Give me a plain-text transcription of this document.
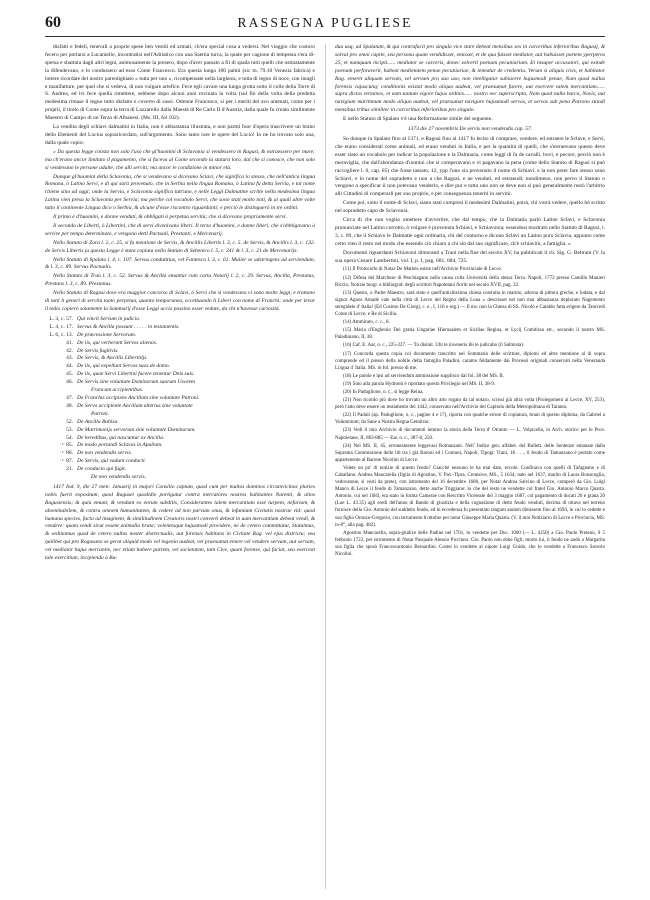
60	RASSEGNA PUGLIESE

disfatti e fedeli, tenevali a proprie spese ben vestiti ed armati, ch'era special cosa a vedersi. Nel viaggio che costoro fecero per portarsi a Lucaniello, incontratisi nell'Adriatico con una Saettia turca, la quale per cagione di tempesta s'era di-spersa e sbattuta dagli altri legni, animosamente la presero, dopo d'aver passato a fil di spada tutti quelli che ostinatamente la difendevano, e lo condussero ad esso Conte Francesco. Era questa lunga 100 palmi (sic m. 79.10 Venezia fabrica) e lottere ricordate del nostro parentighiato « tutta per uno », ricompensate nella largheza, e tutta di legno di noce, con intagli e manifatture, per quel che si vedeva, di non vulgare artefice. Fece egli cavare una lunga grotta sotto il colle della Torre di S. Andrea, ed ivi fece quella rimettere, sebbene dopo alcuni anni rovinata la volta (sul fin della volta della predetta medesima rimase il legno tutto disfatto e coverto di sassi. Ottenne Francesco, si per i meriti del avo antenati, come per i proprii, il titolo di Conte sopra la terra di Lazzarello dalla Maestà di Re Carlo II d'Austria, dalla quale fu creato similmente Maestro di Campo di un Terzo di Albanesi. (Ms. III, fol 102).

La vendita degli schiavi dalmatini in Italia, non è abbastanza illustrata, e non parmi fuor d'opera trascrivere un brano dello Elementi del Lucius sopraricordato, sull'argomento. Sono tanto rare le opere del Lucio! Io ne ho trovato solo una, dalla quale copio:

« Da questa legge consta non solo l'uso che gl'huomini di Sclavonia si vendessero in Ragusi, & estraessero per mare; ma ch'erano ancor limitato il pagamento, che si faceva al Conte secondo la statura loro, dal che si conosce, che non solo si vendevano le persone adulte, che alli serviti; ma ancor le condizione in minor età.

Dunque gl'huomini della Sclavonia, che si vendevano si dicevano Sclavi, che significa lo stesso, che nell'antica lingua Romana, ò Latino Servi, e di qui sarà provenuto, che in Serbia nella lingua Romana, ò Latina fu detta Servia, e tal nome ritiene sino ad oggi; onde la Servia, e Sclavonia significa tutt'uno, e nelle Leggi Dalmatine scritte nella medesima lingua Latina vien presa la Sclavonia per Servia; ma perche col vocabolo Servi, che sono stati molto noti, & ai quali altre volte tutto il continente Lingua dico o Serbia, & alcune d'esse riscontro riguardanti; e perciò le distinguerò in tre ordini.

Il primo è d'huomini, e donne venduti, & obbligati à perpetua servitù; che si dicevano propriamente servi.

Il secondo de Liberti, ò Libertini, che di servi divenivano liberi. Il terzo d'huomini, e donne liberi, che s'obbligavano à servire per tempo determinato, e vengono detti Pactuali, Prestanti, e Mercenarij.

Nello Statuto di Zara l. 2, c. 25, si fa mentione de Servis, & Ancillis Libertis l. 3, c. 5. de Servis, & Ancillis l. 3, c. 132. de Servis Libertis ja questa Legge è stata copiata nello Statuto di Sebenico l. 5, c. 341 & l. 3, c. 21 de Mercenarijs.

Nello Statuto di Spalato l. 4, c. 107. Servus condutitius, vel Fantesca l. 3, c. 61. Mulier se adstringens ad serviendum, & l. 3, c. 89. Servus Pactualis.

Nello Statuto di Traù l. 3, c. 52. Servus & Ancilla emantur cum carta Notarij l. 2, c. 29. Servus, Ancilla, Prestatus, Prestans l. 3, c. 89. Prestanus.

Nello Statuto di Ragusi dove era maggior concorso di Sclavi, ò Servi che si vendevano vi sono molte leggi, e trattano di tutti li generi di servitù tanto perpetua, quanto temporanea, eccettuando li Liberi con nome di Franchi; onde per levar il tedio copierò solamente la Sommarij d'esse Leggi accio possino esser vedute, da chi n'havesse curiosità.

L. 3, c. 57. Qui vincit Servum in judicio.
L. 4, c. 17. Servus & Ancilla possunt . . . . . in testamentis.
L. 6, c. 13. De præcessione Servorum.
41. De iis, qui verberant Servos alienos.
42. De Servis fugitivis.
43. De Servis, & Ancillis Libertitijs.
44. De iis, qui expellunt Servos suos de domo.
45. De iis, quae Servi Libertini facere tenentur Dnis suis.
46. De Servis sine voluntate Dominorum suorum Uxorem
Francam accipientibus.
47. De Franchis accipiens Ancillam sine voluntate Patroni.
48. De Servo accipiente Ancillam alterius sine voluntate
Patroni.
52. De Ancilla Babiza.
53. De Matrimonijs servorum sine voluntate Dominorum.
54. De heredibus, qui nascuntur ex Ancilla.
☞ 85. De modo portandi Sclavos in Apuliam.
☞ 86. De non vendendis servis.
☞ 87. De Servis, qui vadunt conducti.
21. De conducto qui fugit.
De non vendendis servis.

1417 Ind. 9, die 27 men: Januarij in majori Consilio captum, quod cum per multos dominos circumvicinos pluries nobis fuerit expositum, quod Ragusei quodidie portigatur contra mercatores nostros habitantes Narenti, & altos Ragusiensis; & quia emunt, & vendunt ex eorum subditis, Considerantes talem mercantiam esse turpem, nefariam, & abominabilem, & contra omnem humanitatem, & cedere ad non parvum onus, & infamiam Civitatis nostrae vid: quod humana species, facta ad imaginem, & similitudinem Creatoris nostri converti debeat in uam mercantiam debeat vendi, & vendere: quam vendi sicut essent animalia bruta; volentesque hujusmodi providere, ne de cetero committatur, Statuimus, & ordinamus quod de cetero nullus noster distrectualis, aut forensis habitans in Civitate Rag. vel ejus districtu; seu quilibet qui pro Rogusano se gerat aliquid modo vel ingenio audeat, vel praesumat emere vel vendere servum, aut servam, vel mediator hujus mercantie, nec etiam habere partem, vel societatem, tam Cive, quam forense, qui faciat, seu exerceat tale exercitium, incipiendo à Bu-

dua usq; ad Spalatum, & qui contrafacit pro singula vice stare debeat mensibus sex in carceribus inferioribus Ragusij, & solvat pro omni capite, seu persona quam vendidisset, emisset, et de qua fuisset mediator, aut habuisset partem yperperos 25, et numquam incipit...... mediator se carceris, donec solverit poenam pecuniariam. Et insuper accusatori, qui exinde poenam perforaverit, habeat medietatem penae pecuniariae, & teneatur de credentia. Verum si aliquis civis, et habitator Rag. emeret aliquam servam, vel servum pro suo uso, non intelligatur subiacere hujusmodi penae, Nam quod nullus forensis cujuscunq; conditionis existat modo aliquo audeat, vel praesumat facere, aut exercere talem mercantiam...... supra dictos terminos, et eam tantum vigore hujus ordinis...... nostro nec superscripta, Nam quod nulla barca, Navis, aut navigium maritimum modo aliquo audeat, vel praesumat navigare hujusmodi servos, et servas sub pena Patrono standi mensibus tribus similiter in carceribus inferioribus pro singulo.

E nello Statuto di Spalato v'è una Reformatione simile del seguente.

1373 die 27 novembris De servis non vendendis cap. 57.

So dunque in Spalato fino al 1371, e Ragusi fino al 1417 fu lecito di comprare, vendere, ed estraere le Sclave, e Servi, che erano considerati come animali, ed erano venduti in Italia, e per la quantità di quelli, che s'estraevano questo deve esser stato un vocabolo per indicar la popolazione e la Dalmazia, come leggi di fa de cavalli, bovi, e pecore, perciò non è meraviglia, che dall'abondanza d'uomini che si comperavano e vi pagavano la pena (come dello Statuto di Ragusi si può raccogliere l. 6, cap. 85) che fosse tassato, 12, ypp l'uno sia provenuto il nome di Schiavi, e la non poter fare stesso sono Schiavi, e lo nome del sopradetto e non a che Ragusi, e ne venduti, ed estraendi; nondimeno, non pervo il Statuto o vengono a specificar il non potevano venderlo, e dire pur e tutto uno non se deve non si può generalmente restò l'arbitrio alli Cittadini di comperarli per suo proprio, e per conseguenza teneriti in servitù.

Come poi, sotto il nome di Sclavi, siano stati compresi li medesimi Dalmatini, potrà, chi vorrà vedere, quello hò scritto nel sopradetto capo de Sclavonia.

Circa di che non voglio omettere d'avvertire, che dal tempo, che la Dalmatia parlò Latine Sclavi, e Sclavonia pronunciate nel Latino corrotto, ò volgare è provenuta Schiavi, e Schiavonia; essendosi mostrato nello Statuto di Ragusi, l. 3, c. 89, che il Schiavo le Dalmatie ogni ordinaria, chi del contorno e dicono Sclavi un Latino puro Sclavia, appunto come certo vien il resto nel modo che essendo ciò chiaro a chi sin dal suo significato, ch'è schiavitù, a famiglia. »

Documenti riguardanti Schiavoni dimoranti a Trani nella fine del secolo XV, ha pubblicati il ch. Sig. G. Beltrani (V. la sua opera Cesare Lambertini, vol. I, p. I, pag. 681, 684, 725.

(11) Il Protocollo di Notar De Matteis esiste nell'Archivio Provinciale di Lecce.

(12) Difesa del Marchese di Peschiagano nella causa colla Università della stessa Terra. Napoli, 1772 presso Camillo Manieri Riccio, Notizie biogr. e bibliograf. degli scrittori Napoletani fioriti nel secolo XVII, pag. 32.

(13) Questo, o Padre Maestro, sarà stato e quell'antichissima chiesa costruita in marmo, adorna di pittura greche, e lodata, e dal signor Agnus Amadè vale nella città di Lecce del Regno della Luna » descrisset nel non mai abbastanza deplorato Nagemento seregidele d' Italia! (Ed Cosimo De Giorgi, c. e., I, 118 e seg.) — Il ms. non la Chiesa di SS. Nicolò e Cataldo fatta erigere da Tancredi Conte di Lecce, e Re di Sicilia.

(14) Ammirato, c. c., 8.

(15) Maria d'Enghenio Dei gratia Ungariae Hierusalem et Siciliae Regina, et Lycij Comitissa etc., secondo il nostro MS. Paladiniano, II, 38.

(16) Caf. E. Aar, o. c., 225-227. — Tu disinit. Ubi te inveneris ibi te judicabo (il Salmista).

(17) Concorda questa copia col documento trascritto nel Sommario delle scritture, diplomi ed altre mentione al di sopra comprende ed il presso della nobile della famiglia Paladini, caramo feldamente dai Processi originali conservati nella Veneranda Lingua d' Italia. MS. in fol. presso di me.

(18) Le parole e ipsi ad serviendum ammissione supplisco dal fol. 38 del MS. II.

(19) Sino alla parola Hydronti è riportato questo Privilegio nel MS. II, 38-9.

(20) In Paduglione, o. c., si legge Reina.

(21) Non ricordo più dove ho trovato un altro atto rogato da tal notaro, scrissi già altra volta (Prolegomeni ai Lecce, XV, 253), però l'atto deve essere un testamento del 1442, conservato nell'Archivio del Capitolo della Metropolitana di Taranto.

(22) Il Paduli (ap. Paduglione, o. c., pagine 4 e 17), riporta con qualche errore di copiatura, brani di questo diploma, da Gabriel a Volumnium; da Sane a Nostra Regna Gemitras.

(23) Vedi il mio Archivio di documenti intorno la storia della Terra d' Otranto — L. Volpicella, in Arch. storico per le Prov. Napoletane, II, 883-885 — Ear. o. c., 387-8, 250.

(24) Nel MS. II, 45, erroneamente leggevasi Romanzani. Nell' Indice gen. alfabet. del Bullett. delle Sentenze emanate dalla Suprema Commissione delle liti tra i già Baroni ed i Comuni, Napoli, Tipogr. Trani, 18 . . ., il feudo di Tamanzano è portato come appartenente al Barone Nicolini di Lecce.

Volete un po' di notizie di questo feudo? Giacchè nessuno le ha mai date, eccole. Confinava con quelli di Tafagnano e di Caballano. Andrea Mancarella (figlio di Agostino, V. Pav.-Tipra, Cremsive, MS., 5 1634, nato nel 1637, marito di Laura Bonacoglia, vedovatone, si vesti da prete), con istromento del 16 decembre 1686, per Notar Andrea Salvino di Lecce, comperò da Gio. Luigi Manco di Lecce il feudo di Tamanzano, detto anche Triggiano: lo che del resto ne vendette col fratel Gio. Antonio Marco Quarta. Antonio, cui nel 1683, era stato in forma Camerae con Rescritto Vicereale del 3 maggio 1687, col pagamento di ducati 20 e grana 20 (Lue L. 43.35) agli eredi dell'anno di Bando di giustizia e della cognazione di detto feudo venduti, decima di ottava nel terreno fornisce della Gio. Antonio del suddetto feudo, ed in eccedenza fu presentato tangum aiulem dimissem fino al 1694, in cui lo cedette e suo figlio Oronzo-Gregorio, con istrumento 8 ottobre per notar Giuseppe Maria Quarta. (V. il mio Notiziario di Lecce e Provincia, MS. in-8°, alla pag. 482).

Agostino Mancarella, sopra-giudice delle Padine nel 1701, lo vendette per Duc. 1000 (— L. 4250) a Gio. Paolo Preteno, il 5 febbraio 1722, per istromento di Notar Pasquale Alessio Piccinno. Gio. Paolo non ebbe figli; morto lui, il feudo ne andò a Margarita sua figlia che sposò Francescantonio Bernardini. Costei lo vendette al nipote Luigi Guido, che lo vendette a Francesco Saverio Nicolini.
